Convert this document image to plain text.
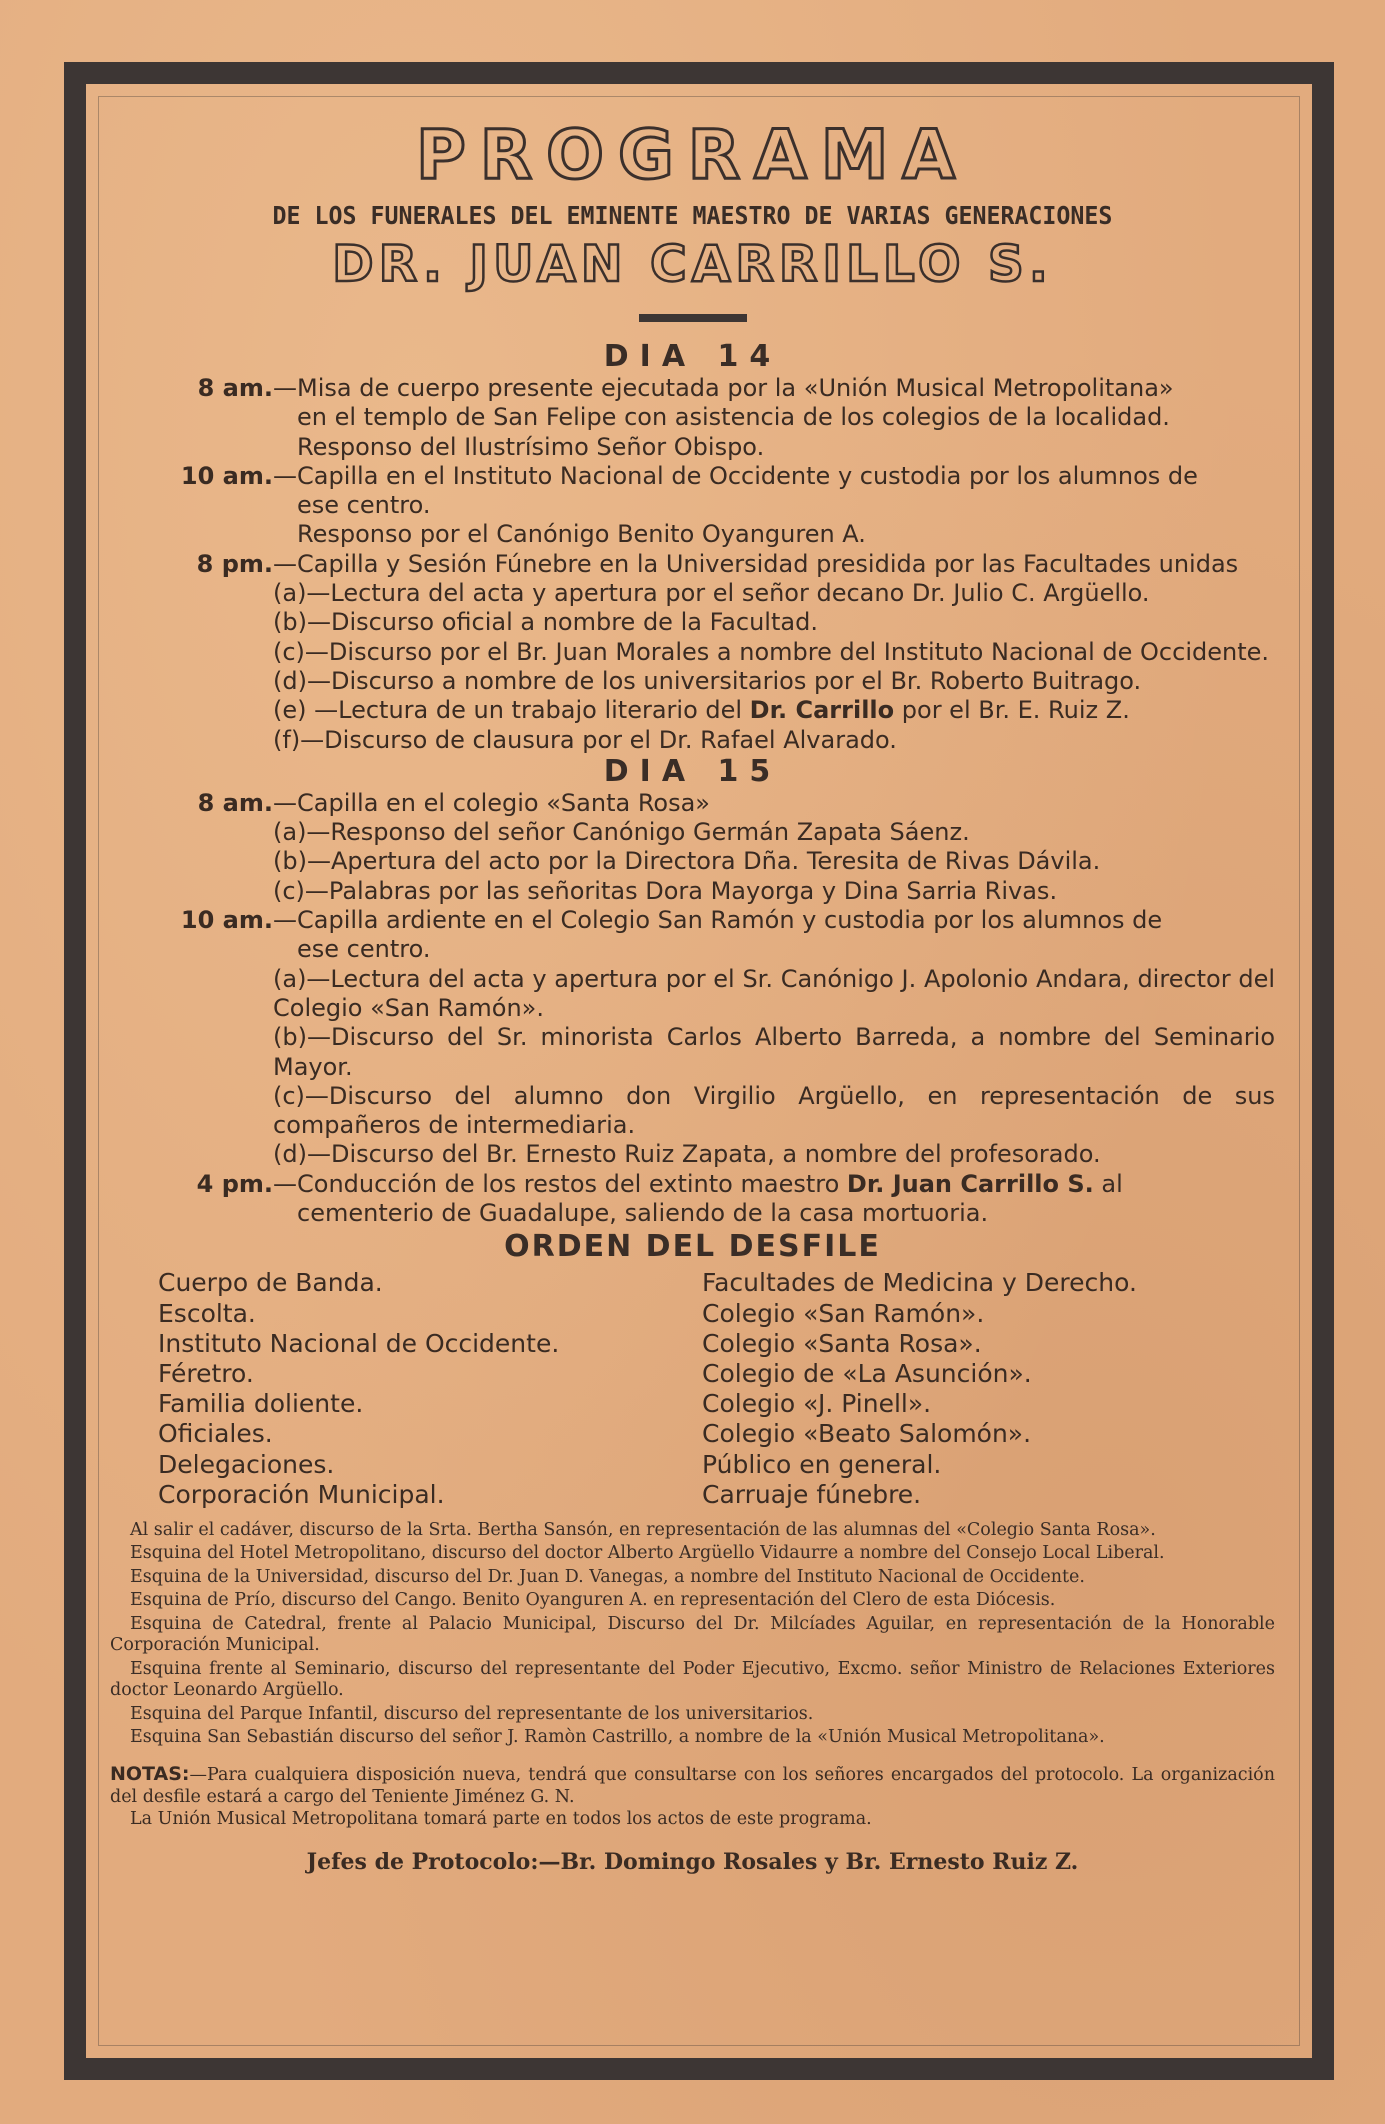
PROGRAMA
DE LOS FUNERALES DEL EMINENTE MAESTRO DE VARIAS GENERACIONES
DR. JUAN CARRILLO S.
DIA 14
8 am. — Misa de cuerpo presente ejecutada por la «Unión Musical Metropolitana»
en el templo de San Felipe con asistencia de los colegios de la localidad.
Responso del Ilustrísimo Señor Obispo.
10 am. — Capilla en el Instituto Nacional de Occidente y custodia por los alumnos de
ese centro.
Responso por el Canónigo Benito Oyanguren A.
8 pm. — Capilla y Sesión Fúnebre en la Universidad presidida por las Facultades unidas
(a)—Lectura del acta y apertura por el señor decano Dr. Julio C. Argüello.
(b)—Discurso oficial a nombre de la Facultad.
(c)—Discurso por el Br. Juan Morales a nombre del Instituto Nacional de Occidente.
(d)—Discurso a nombre de los universitarios por el Br. Roberto Buitrago.
(e) —Lectura de un trabajo literario del Dr. Carrillo por el Br. E. Ruiz Z.
(f)—Discurso de clausura por el Dr. Rafael Alvarado.
DIA 15
8 am. — Capilla en el colegio «Santa Rosa»
(a)—Responso del señor Canónigo Germán Zapata Sáenz.
(b)—Apertura del acto por la Directora Dña. Teresita de Rivas Dávila.
(c)—Palabras por las señoritas Dora Mayorga y Dina Sarria Rivas.
10 am. — Capilla ardiente en el Colegio San Ramón y custodia por los alumnos de
ese centro.
(a)—Lectura del acta y apertura por el Sr. Canónigo J. Apolonio Andara, director del Colegio «San Ramón».
(b)—Discurso del Sr. minorista Carlos Alberto Barreda, a nombre del Seminario Mayor.
(c)—Discurso del alumno don Virgilio Argüello, en representación de sus compañeros de intermediaria.
(d)—Discurso del Br. Ernesto Ruiz Zapata, a nombre del profesorado.
4 pm. — Conducción de los restos del extinto maestro Dr. Juan Carrillo S. al
cementerio de Guadalupe, saliendo de la casa mortuoria.
ORDEN DEL DESFILE
Cuerpo de Banda.
Escolta.
Instituto Nacional de Occidente.
Féretro.
Familia doliente.
Oficiales.
Delegaciones.
Corporación Municipal.
Facultades de Medicina y Derecho.
Colegio «San Ramón».
Colegio «Santa Rosa».
Colegio de «La Asunción».
Colegio «J. Pinell».
Colegio «Beato Salomón».
Público en general.
Carruaje fúnebre.

Al salir el cadáver, discurso de la Srta. Bertha Sansón, en representación de las alumnas del «Colegio Santa Rosa».

Esquina del Hotel Metropolitano, discurso del doctor Alberto Argüello Vidaurre a nombre del Consejo Local Liberal.

Esquina de la Universidad, discurso del Dr. Juan D. Vanegas, a nombre del Instituto Nacional de Occidente.

Esquina de Prío, discurso del Cango. Benito Oyanguren A. en representación del Clero de esta Diócesis.

Esquina de Catedral, frente al Palacio Municipal, Discurso del Dr. Milcíades Aguilar, en representación de la Honorable Corporación Municipal.

Esquina frente al Seminario, discurso del representante del Poder Ejecutivo, Excmo. señor Ministro de Relaciones Exteriores doctor Leonardo Argüello.

Esquina del Parque Infantil, discurso del representante de los universitarios.

Esquina San Sebastián discurso del señor J. Ramòn Castrillo, a nombre de la «Unión Musical Metropolitana».

NOTAS:—Para cualquiera disposición nueva, tendrá que consultarse con los señores encargados del protocolo. La organización del desfile estará a cargo del Teniente Jiménez G. N.

La Unión Musical Metropolitana tomará parte en todos los actos de este programa.

Jefes de Protocolo:—Br. Domingo Rosales y Br. Ernesto Ruiz Z.
